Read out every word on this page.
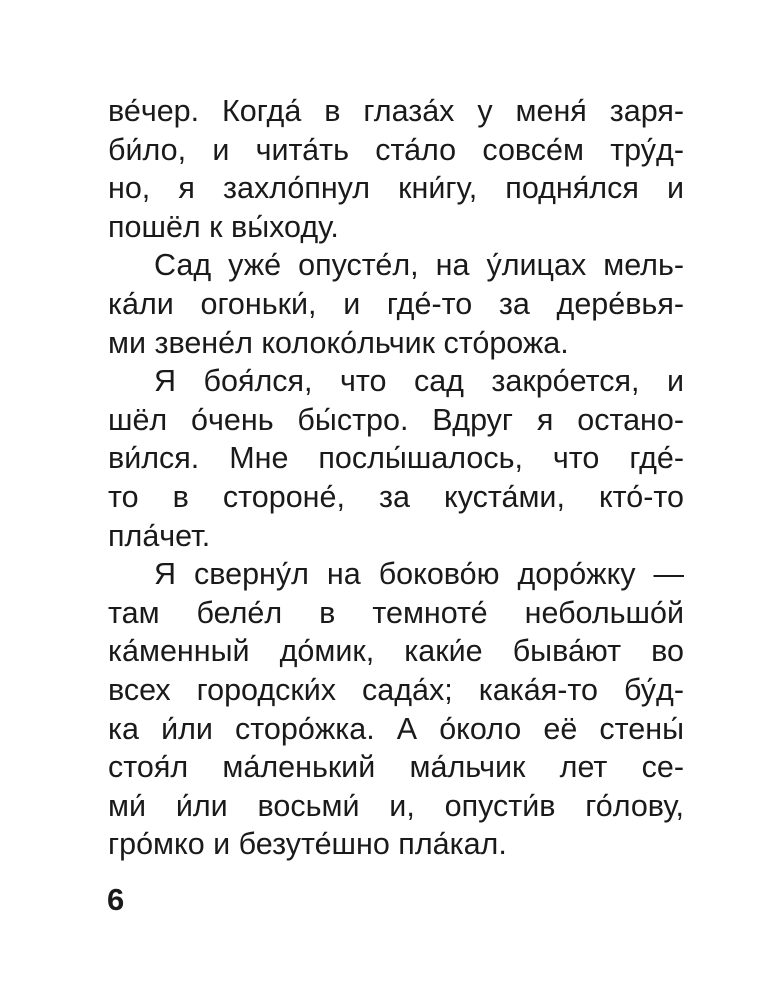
ве́чер. Когда́ в глаза́х у меня́ заря-
би́ло, и чита́ть ста́ло совсе́м тру́д-
но, я захло́пнул кни́гу, подня́лся и
пошёл к вы́ходу.
Сад уже́ опусте́л, на у́лицах мель-
ка́ли огоньки́, и где́-то за дере́вья-
ми звене́л колоко́льчик сто́рожа.
Я боя́лся, что сад закро́ется, и
шёл о́чень бы́стро. Вдруг я остано-
ви́лся. Мне послы́шалось, что где́-
то в стороне́, за куста́ми, кто́-то
пла́чет.
Я сверну́л на боково́ю доро́жку —
там беле́л в темноте́ небольшо́й
ка́менный до́мик, каки́е быва́ют во
всех городски́х сада́х; кака́я-то бу́д-
ка и́ли сторо́жка. А о́коло её стены́
стоя́л ма́ленький ма́льчик лет се-
ми́ и́ли восьми́ и, опусти́в го́лову,
гро́мко и безуте́шно пла́кал.
6
